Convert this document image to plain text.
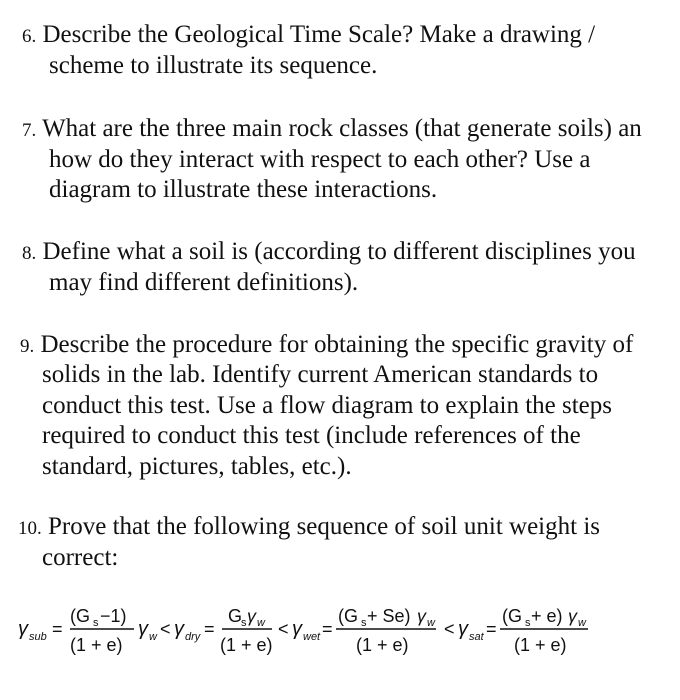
6. Describe the Geological Time Scale? Make a drawing /
scheme to illustrate its sequence.
7. What are the three main rock classes (that generate soils) an
how do they interact with respect to each other? Use a
diagram to illustrate these interactions.
8. Define what a soil is (according to different disciplines you
may find different definitions).
9. Describe the procedure for obtaining the specific gravity of
solids in the lab. Identify current American standards to
conduct this test. Use a flow diagram to explain the steps
required to conduct this test (include references of the
standard, pictures, tables, etc.).
10. Prove that the following sequence of soil unit weight is
correct:
γ sub =
(G s −1)
(1 + e)
γ w < γ dry =
G
s γ w
(1 + e)
< γ wet =
(G s + Se) γ w
(1 + e)
< γ sat =
(G s + e) γ w
(1 + e)
